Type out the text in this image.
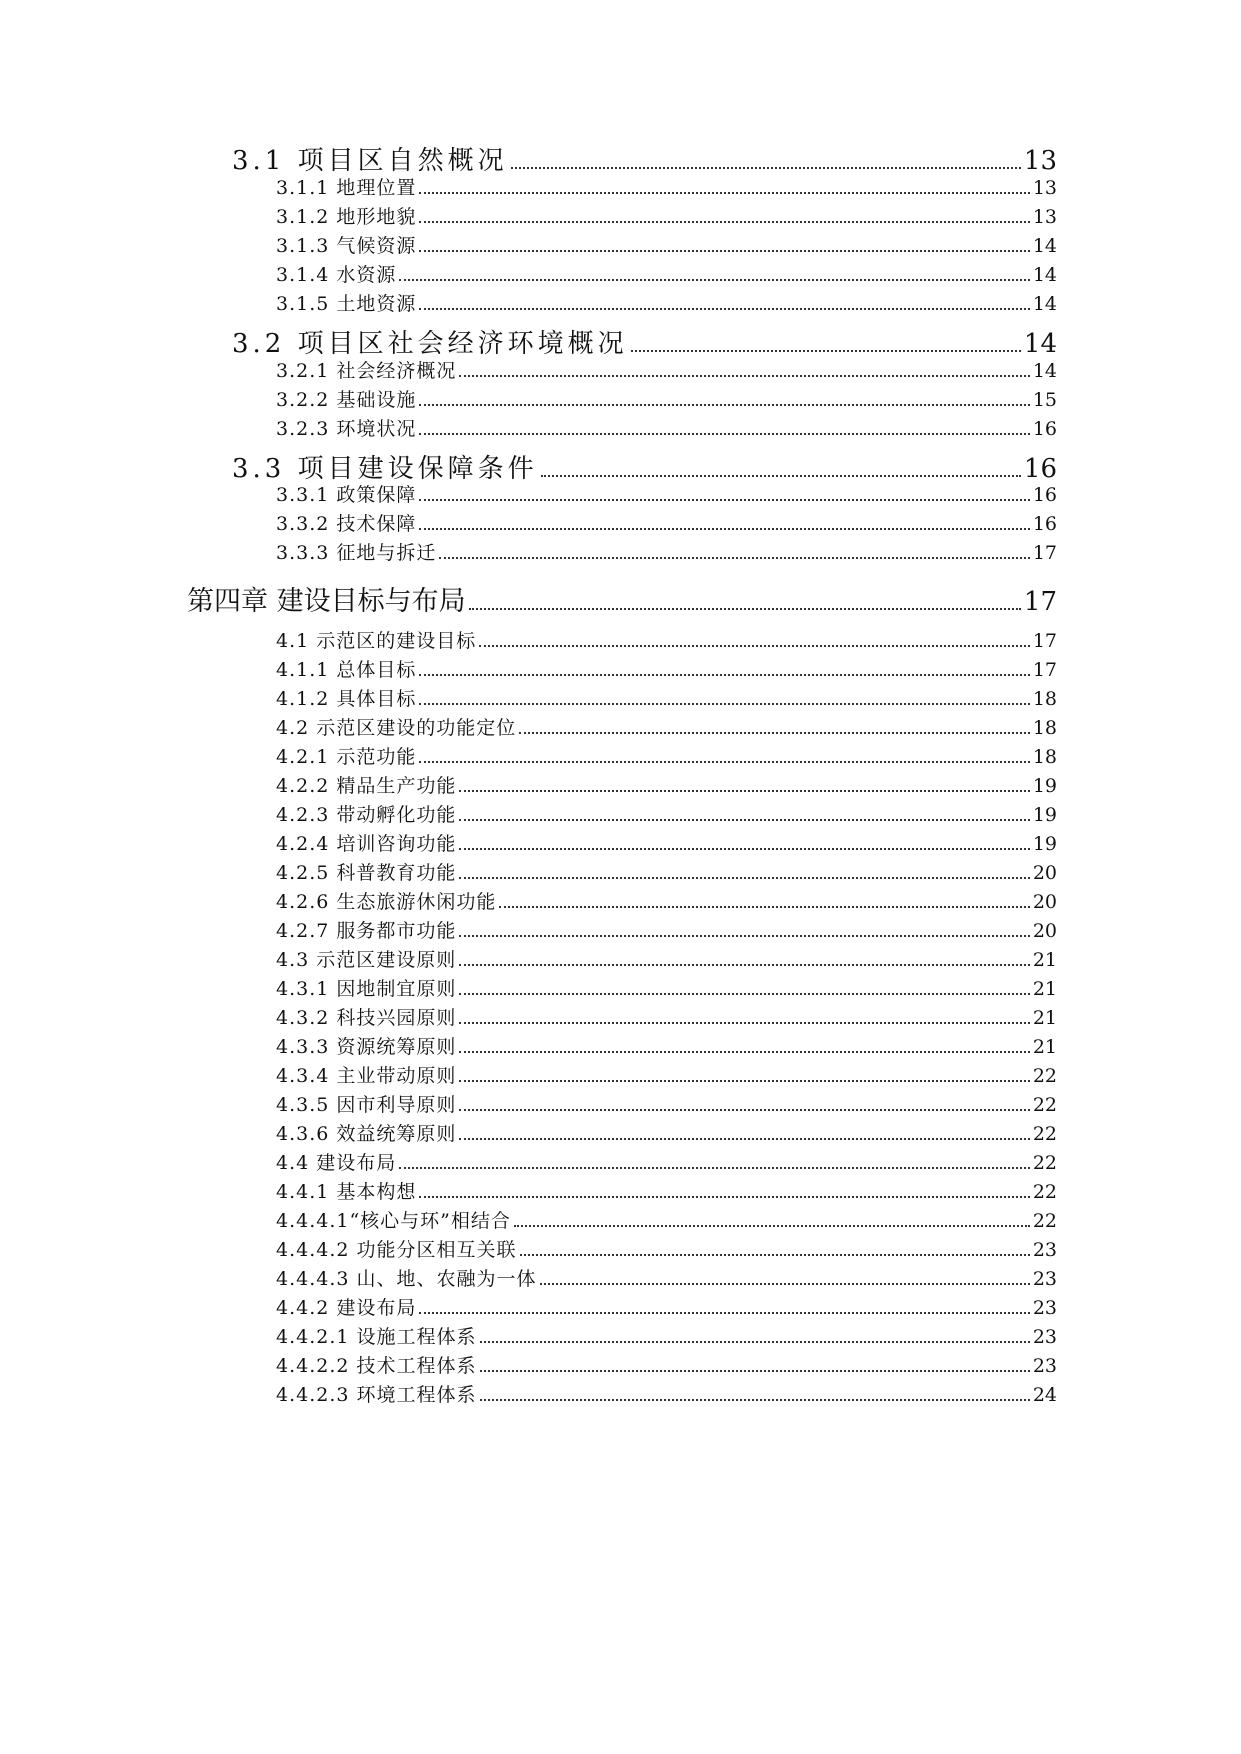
3.1 项目区自然概况	13
3.1.1 地理位置	13
3.1.2 地形地貌	13
3.1.3 气候资源	14
3.1.4 水资源	14
3.1.5 土地资源	14
3.2 项目区社会经济环境概况	14
3.2.1 社会经济概况	14
3.2.2 基础设施	15
3.2.3 环境状况	16
3.3 项目建设保障条件	16
3.3.1 政策保障	16
3.3.2 技术保障	16
3.3.3 征地与拆迁	17
第四章 建设目标与布局	17
4.1 示范区的建设目标	17
4.1.1 总体目标	17
4.1.2 具体目标	18
4.2 示范区建设的功能定位	18
4.2.1 示范功能	18
4.2.2 精品生产功能	19
4.2.3 带动孵化功能	19
4.2.4 培训咨询功能	19
4.2.5 科普教育功能	20
4.2.6 生态旅游休闲功能	20
4.2.7 服务都市功能	20
4.3 示范区建设原则	21
4.3.1 因地制宜原则	21
4.3.2 科技兴园原则	21
4.3.3 资源统筹原则	21
4.3.4 主业带动原则	22
4.3.5 因市利导原则	22
4.3.6 效益统筹原则	22
4.4 建设布局	22
4.4.1 基本构想	22
4.4.4.1“核心与环”相结合	22
4.4.4.2 功能分区相互关联	23
4.4.4.3 山、地、农融为一体	23
4.4.2 建设布局	23
4.4.2.1 设施工程体系	23
4.4.2.2 技术工程体系	23
4.4.2.3 环境工程体系	24
